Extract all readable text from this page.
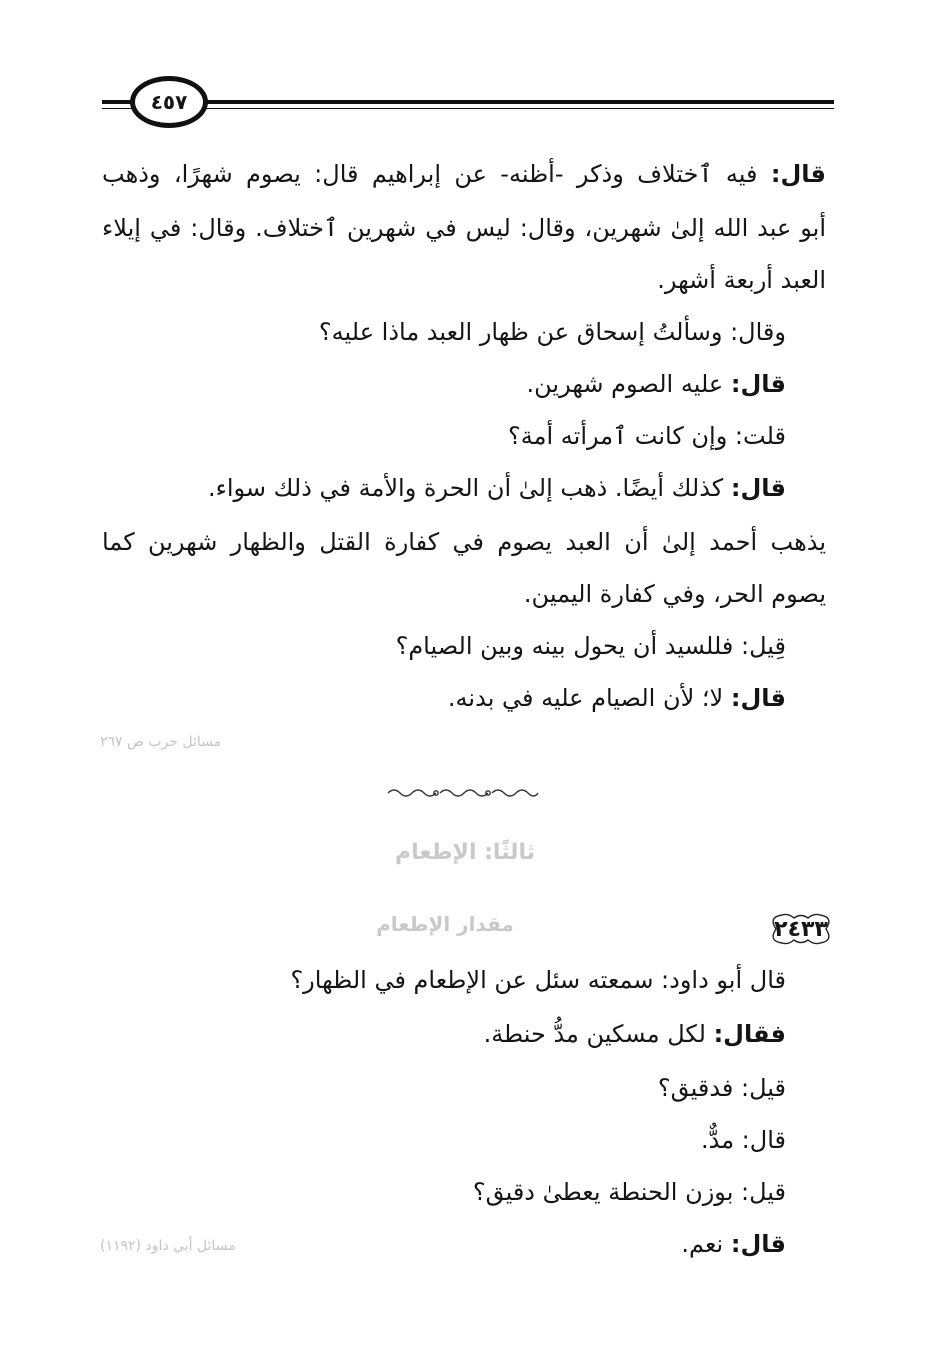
٤٥٧
قال: فيه ٱختلاف وذكر -أظنه- عن إبراهيم قال: يصوم شهرًا، وذهب
أبو عبد الله إلىٰ شهرين، وقال: ليس في شهرين ٱختلاف. وقال: في إيلاء
العبد أربعة أشهر.
وقال: وسألتُ إسحاق عن ظهار العبد ماذا عليه؟
قال: عليه الصوم شهرين.
قلت: وإن كانت ٱمرأته أمة؟
قال: كذلك أيضًا. ذهب إلىٰ أن الحرة والأمة في ذلك سواء.
يذهب أحمد إلىٰ أن العبد يصوم في كفارة القتل والظهار شهرين كما
يصوم الحر، وفي كفارة اليمين.
قِيل: فللسيد أن يحول بينه وبين الصيام؟
قال: لا؛ لأن الصيام عليه في بدنه.
مسائل حرب ص ٢٦٧
ثالثًا: الإطعام
٢٤٣٣
مقدار الإطعام
قال أبو داود: سمعته سئل عن الإطعام في الظهار؟
فقال: لكل مسكين مدُّ حنطة.
قيل: فدقيق؟
قال: مدٌّ.
قيل: بوزن الحنطة يعطىٰ دقيق؟
قال: نعم.
مسائل أبي داود (١١٩٢)
